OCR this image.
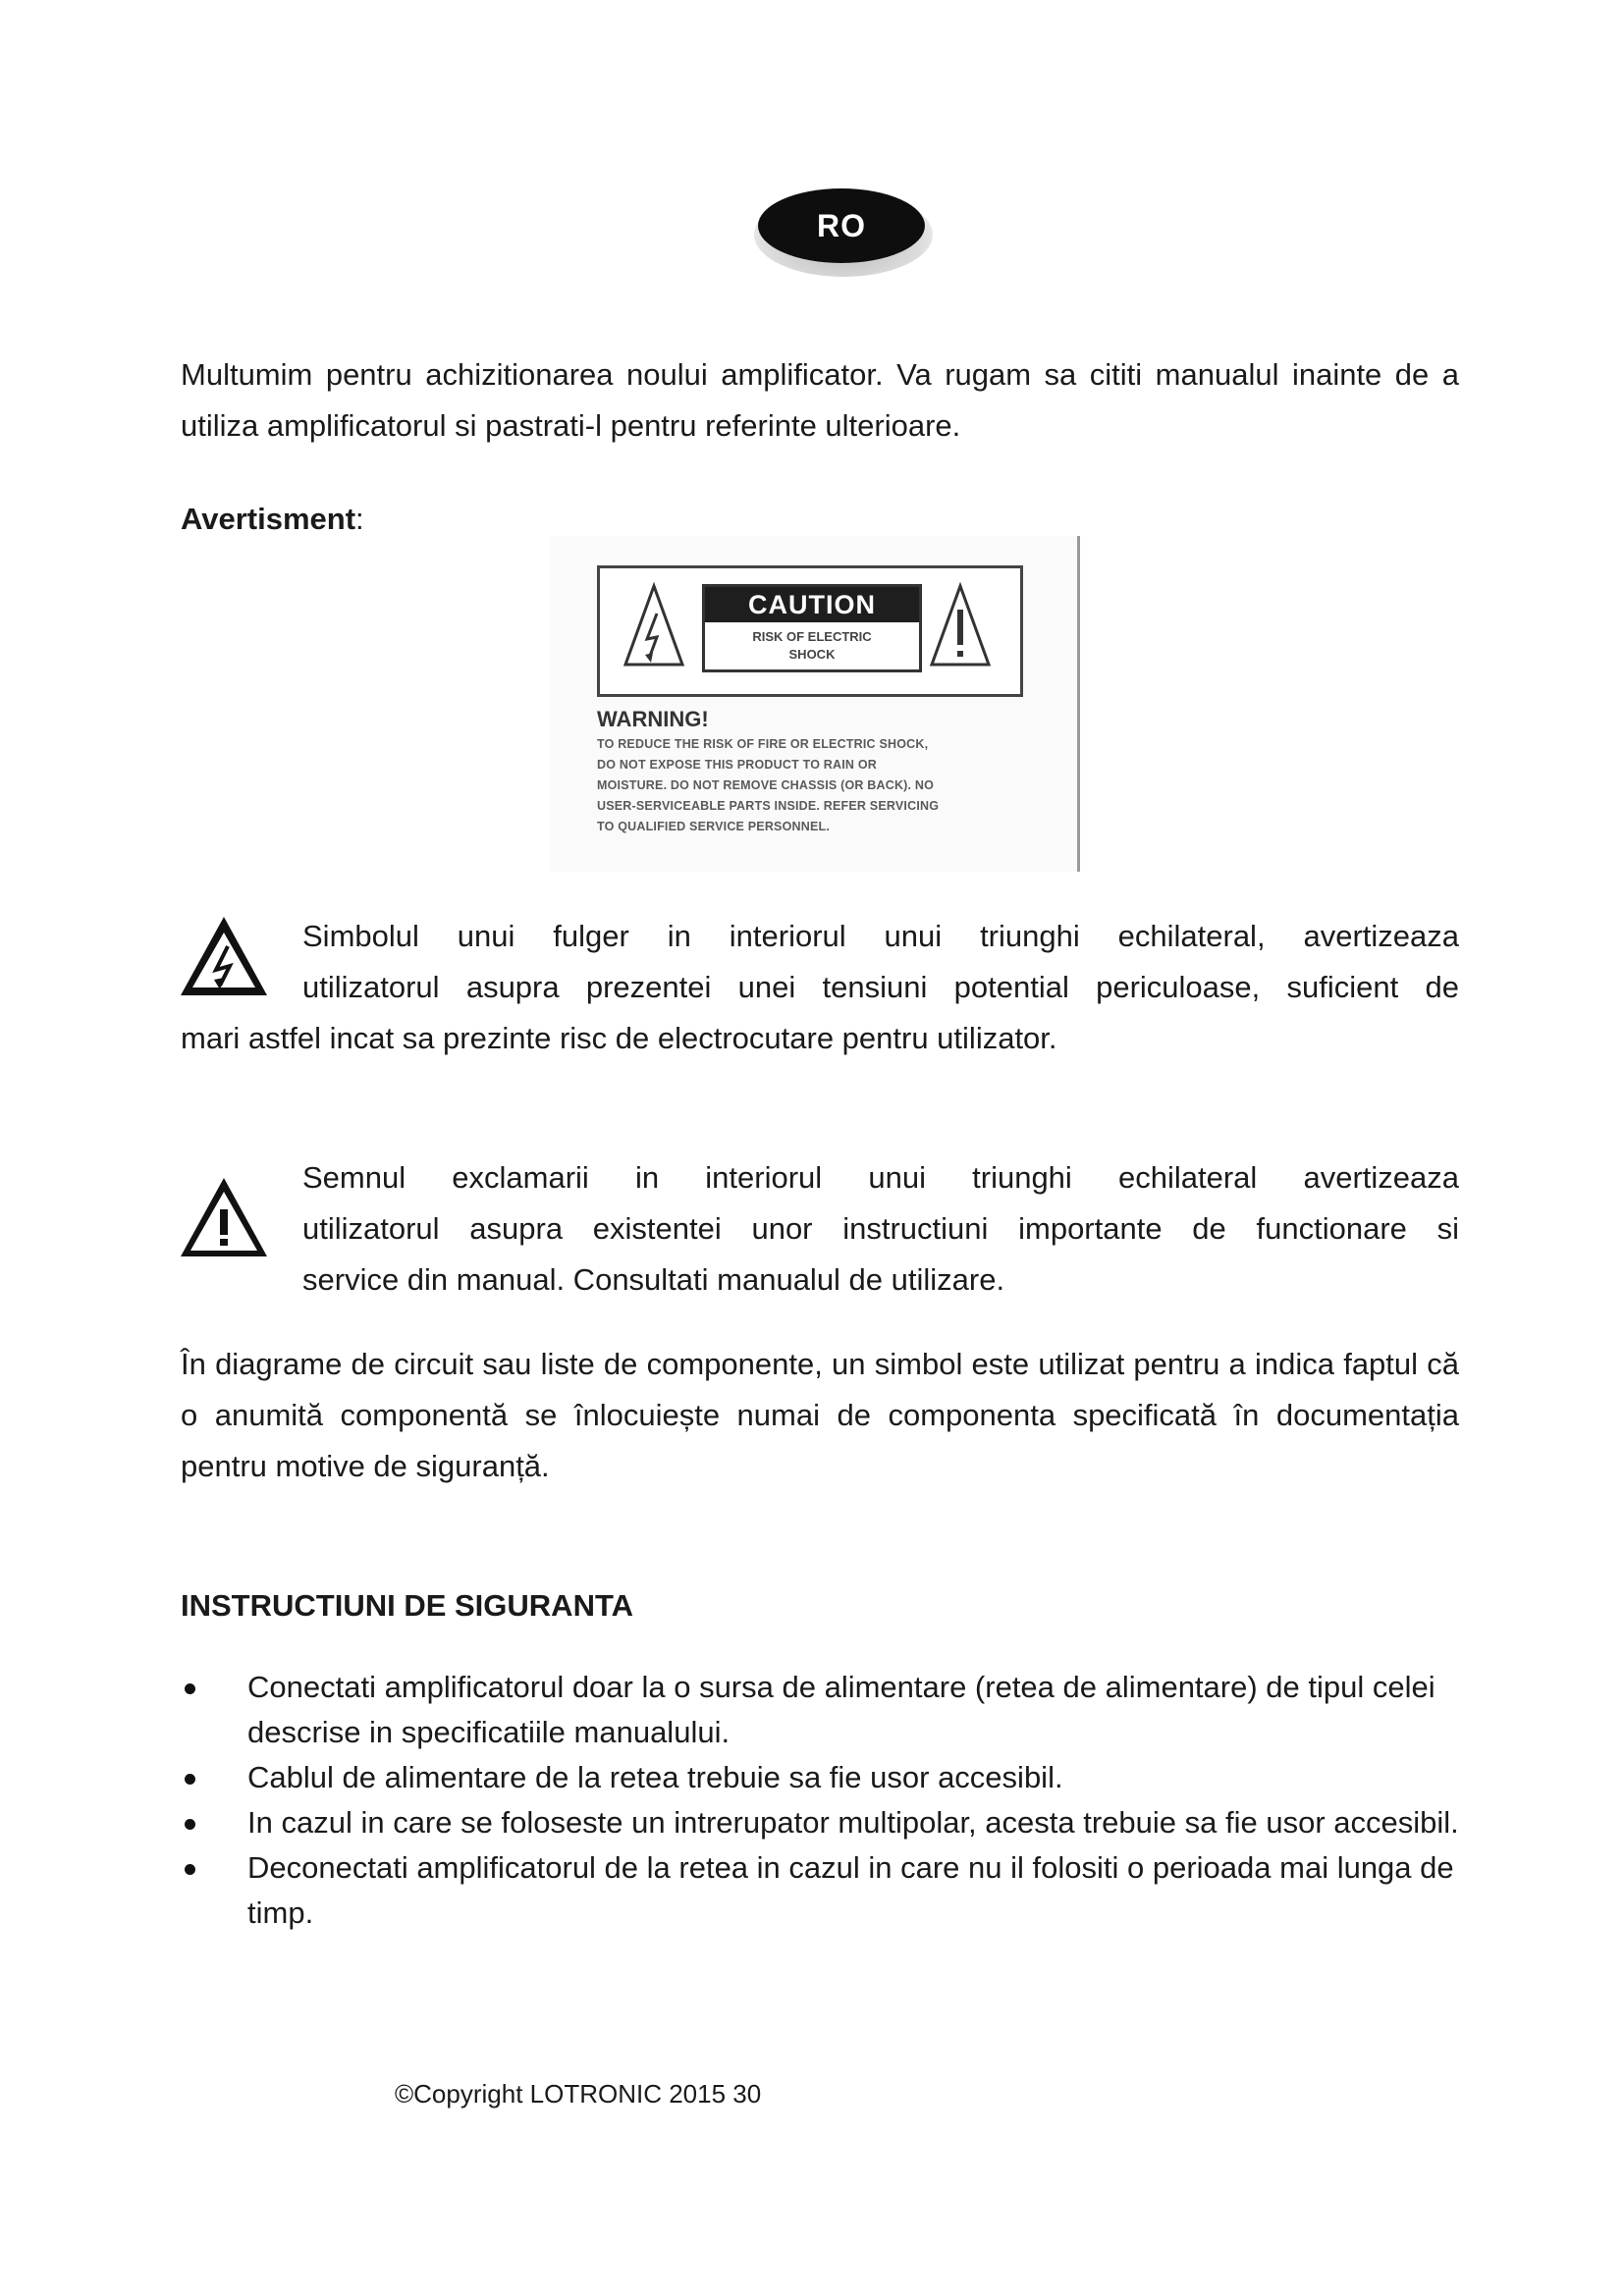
RO
Multumim pentru achizitionarea noului amplificator. Va rugam sa cititi manualul inainte de a utiliza amplificatorul si pastrati-l pentru referinte ulterioare.
Avertisment:
CAUTION
RISK OF ELECTRIC
SHOCK
WARNING!
TO REDUCE THE RISK OF FIRE OR ELECTRIC SHOCK,
DO NOT EXPOSE THIS PRODUCT TO RAIN OR
MOISTURE. DO NOT REMOVE CHASSIS (OR BACK). NO
USER-SERVICEABLE PARTS INSIDE. REFER SERVICING
TO QUALIFIED SERVICE PERSONNEL.
Simbolul unui fulger in interiorul unui triunghi echilateral, avertizeaza
utilizatorul asupra prezentei unei tensiuni potential periculoase, suficient de
mari astfel incat sa prezinte risc de electrocutare pentru utilizator.
Semnul exclamarii in interiorul unui triunghi echilateral avertizeaza
utilizatorul asupra existentei unor instructiuni importante de functionare si
service din manual. Consultati manualul de utilizare.
În diagrame de circuit sau liste de componente, un simbol este utilizat pentru a indica faptul că o anumită componentă se înlocuiește numai de componenta specificată în documentația pentru motive de siguranță.
INSTRUCTIUNI DE SIGURANTA
Conectati amplificatorul doar la o sursa de alimentare (retea de alimentare) de tipul celei descrise in specificatiile manualului.
Cablul de alimentare de la retea trebuie sa fie usor accesibil.
In cazul in care se foloseste un intrerupator multipolar, acesta trebuie sa fie usor accesibil.
Deconectati amplificatorul de la retea in cazul in care nu il folositi o perioada mai lunga de timp.
©Copyright LOTRONIC 2015 30
